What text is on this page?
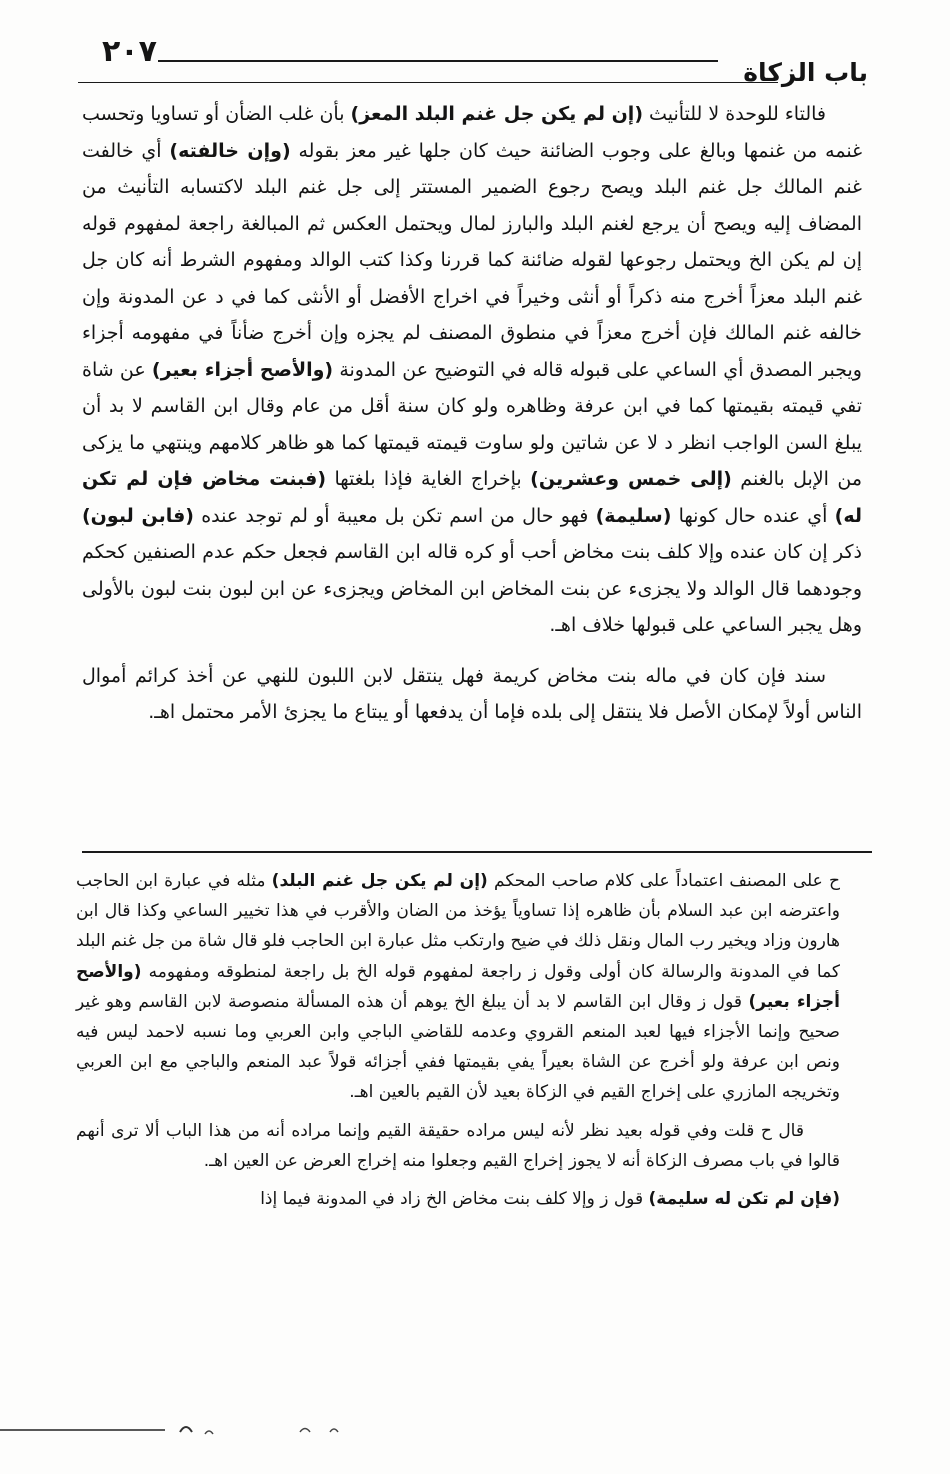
٢٠٧
باب الزكاة

فالتاء للوحدة لا للتأنيث (إن لم يكن جل غنم البلد المعز) بأن غلب الضأن أو تساويا وتحسب غنمه من غنمها وبالغ على وجوب الضائنة حيث كان جلها غير معز بقوله (وإن خالفته) أي خالفت غنم المالك جل غنم البلد ويصح رجوع الضمير المستتر إلى جل غنم البلد لاكتسابه التأنيث من المضاف إليه ويصح أن يرجع لغنم البلد والبارز لمال ويحتمل العكس ثم المبالغة راجعة لمفهوم قوله إن لم يكن الخ ويحتمل رجوعها لقوله ضائنة كما قررنا وكذا كتب الوالد ومفهوم الشرط أنه كان جل غنم البلد معزاً أخرج منه ذكراً أو أنثى وخيراً في اخراج الأفضل أو الأنثى كما في د عن المدونة وإن خالفه غنم المالك فإن أخرج معزاً في منطوق المصنف لم يجزه وإن أخرج ضأناً في مفهومه أجزاء ويجبر المصدق أي الساعي على قبوله قاله في التوضيح عن المدونة (والأصح أجزاء بعير) عن شاة تفي قيمته بقيمتها كما في ابن عرفة وظاهره ولو كان سنة أقل من عام وقال ابن القاسم لا بد أن يبلغ السن الواجب انظر د لا عن شاتين ولو ساوت قيمته قيمتها كما هو ظاهر كلامهم وينتهي ما يزكى من الإبل بالغنم (إلى خمس وعشرين) بإخراج الغاية فإذا بلغتها (فبنت مخاض فإن لم تكن له) أي عنده حال كونها (سليمة) فهو حال من اسم تكن بل معيبة أو لم توجد عنده (فابن لبون) ذكر إن كان عنده وإلا كلف بنت مخاض أحب أو كره قاله ابن القاسم فجعل حكم عدم الصنفين كحكم وجودهما قال الوالد ولا يجزىء عن بنت المخاض ابن المخاض ويجزىء عن ابن لبون بنت لبون بالأولى وهل يجبر الساعي على قبولها خلاف اهـ.

سند فإن كان في ماله بنت مخاض كريمة فهل ينتقل لابن اللبون للنهي عن أخذ كرائم أموال الناس أولاً لإمكان الأصل فلا ينتقل إلى بلده فإما أن يدفعها أو يبتاع ما يجزئ الأمر محتمل اهـ.

ح على المصنف اعتماداً على كلام صاحب المحكم (إن لم يكن جل غنم البلد) مثله في عبارة ابن الحاجب واعترضه ابن عبد السلام بأن ظاهره إذا تساوياً يؤخذ من الضان والأقرب في هذا تخيير الساعي وكذا قال ابن هارون وزاد ويخير رب المال ونقل ذلك في ضيح وارتكب مثل عبارة ابن الحاجب فلو قال شاة من جل غنم البلد كما في المدونة والرسالة كان أولى وقول ز راجعة لمفهوم قوله الخ بل راجعة لمنطوقه ومفهومه (والأصح أجزاء بعير) قول ز وقال ابن القاسم لا بد أن يبلغ الخ يوهم أن هذه المسألة منصوصة لابن القاسم وهو غير صحيح وإنما الأجزاء فيها لعبد المنعم القروي وعدمه للقاضي الباجي وابن العربي وما نسبه لاحمد ليس فيه ونص ابن عرفة ولو أخرج عن الشاة بعيراً يفي بقيمتها ففي أجزائه قولاً عبد المنعم والباجي مع ابن العربي وتخريجه المازري على إخراج القيم في الزكاة بعيد لأن القيم بالعين اهـ.

قال ح قلت وفي قوله بعيد نظر لأنه ليس مراده حقيقة القيم وإنما مراده أنه من هذا الباب ألا ترى أنهم قالوا في باب مصرف الزكاة أنه لا يجوز إخراج القيم وجعلوا منه إخراج العرض عن العين اهـ.

(فإن لم تكن له سليمة) قول ز وإلا كلف بنت مخاض الخ زاد في المدونة فيما إذا
